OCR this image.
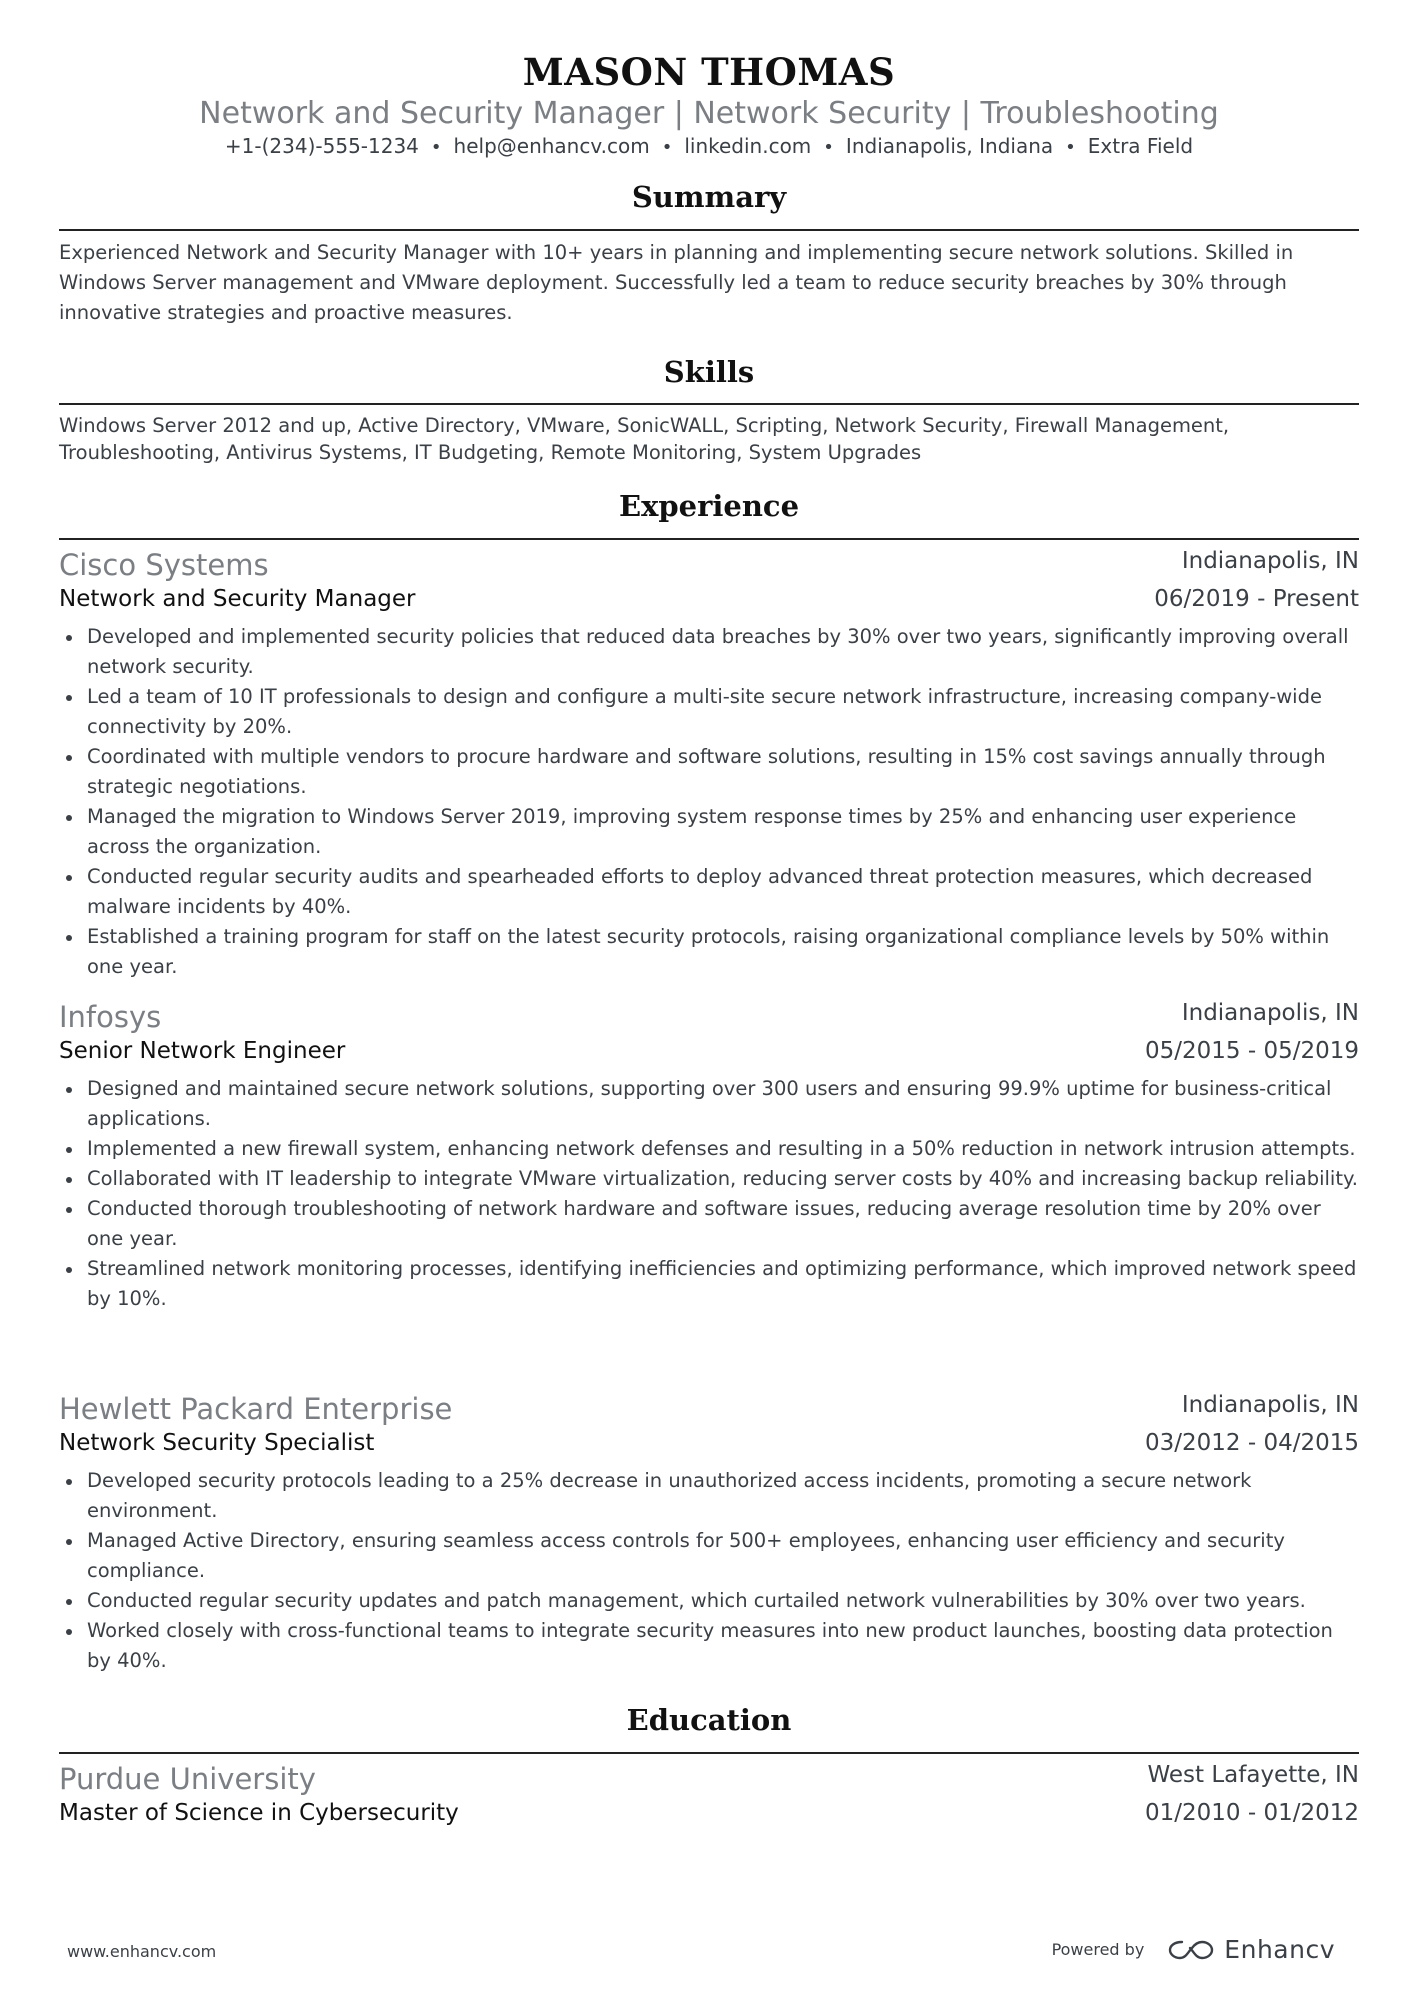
MASON THOMAS
Network and Security Manager | Network Security | Troubleshooting
+1-(234)-555-1234 • help@enhancv.com • linkedin.com • Indianapolis, Indiana • Extra Field
Summary
Experienced Network and Security Manager with 10+ years in planning and implementing secure network solutions. Skilled in Windows Server management and VMware deployment. Successfully led a team to reduce security breaches by 30% through innovative strategies and proactive measures.
Skills
Windows Server 2012 and up, Active Directory, VMware, SonicWALL, Scripting, Network Security, Firewall Management, Troubleshooting, Antivirus Systems, IT Budgeting, Remote Monitoring, System Upgrades
Experience
Cisco Systems	Indianapolis, IN
Network and Security Manager	06/2019 - Present
Developed and implemented security policies that reduced data breaches by 30% over two years, significantly improving overall network security.
Led a team of 10 IT professionals to design and configure a multi-site secure network infrastructure, increasing company-wide connectivity by 20%.
Coordinated with multiple vendors to procure hardware and software solutions, resulting in 15% cost savings annually through strategic negotiations.
Managed the migration to Windows Server 2019, improving system response times by 25% and enhancing user experience across the organization.
Conducted regular security audits and spearheaded efforts to deploy advanced threat protection measures, which decreased malware incidents by 40%.
Established a training program for staff on the latest security protocols, raising organizational compliance levels by 50% within one year.
Infosys	Indianapolis, IN
Senior Network Engineer	05/2015 - 05/2019
Designed and maintained secure network solutions, supporting over 300 users and ensuring 99.9% uptime for business-critical applications.
Implemented a new firewall system, enhancing network defenses and resulting in a 50% reduction in network intrusion attempts.
Collaborated with IT leadership to integrate VMware virtualization, reducing server costs by 40% and increasing backup reliability.
Conducted thorough troubleshooting of network hardware and software issues, reducing average resolution time by 20% over one year.
Streamlined network monitoring processes, identifying inefficiencies and optimizing performance, which improved network speed by 10%.
Hewlett Packard Enterprise	Indianapolis, IN
Network Security Specialist	03/2012 - 04/2015
Developed security protocols leading to a 25% decrease in unauthorized access incidents, promoting a secure network environment.
Managed Active Directory, ensuring seamless access controls for 500+ employees, enhancing user efficiency and security compliance.
Conducted regular security updates and patch management, which curtailed network vulnerabilities by 30% over two years.
Worked closely with cross-functional teams to integrate security measures into new product launches, boosting data protection by 40%.
Education
Purdue University	West Lafayette, IN
Master of Science in Cybersecurity	01/2010 - 01/2012
www.enhancv.com	Powered by	Enhancv
